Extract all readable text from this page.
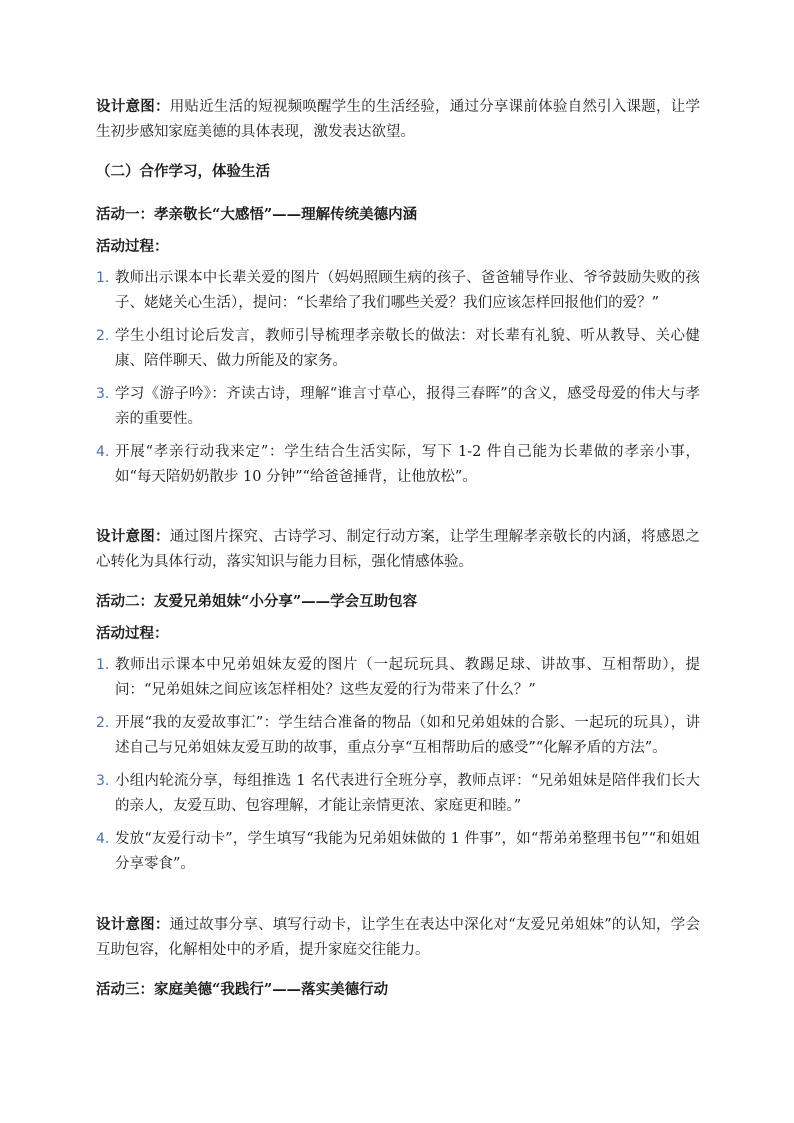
设计意图：用贴近生活的短视频唤醒学生的生活经验，通过分享课前体验自然引入课题，让学生初步感知家庭美德的具体表现，激发表达欲望。
（二）合作学习，体验生活
活动一：孝亲敬长“大感悟”——理解传统美德内涵
活动过程：
1. 教师出示课本中长辈关爱的图片（妈妈照顾生病的孩子、爸爸辅导作业、爷爷鼓励失败的孩子、姥姥关心生活），提问：“长辈给了我们哪些关爱？我们应该怎样回报他们的爱？”
2. 学生小组讨论后发言，教师引导梳理孝亲敬长的做法：对长辈有礼貌、听从教导、关心健康、陪伴聊天、做力所能及的家务。
3. 学习《游子吟》：齐读古诗，理解“谁言寸草心，报得三春晖”的含义，感受母爱的伟大与孝亲的重要性。
4. 开展“孝亲行动我来定”：学生结合生活实际，写下 1-2 件自己能为长辈做的孝亲小事，如“每天陪奶奶散步 10 分钟”“给爸爸捶背，让他放松”。
设计意图：通过图片探究、古诗学习、制定行动方案，让学生理解孝亲敬长的内涵，将感恩之心转化为具体行动，落实知识与能力目标，强化情感体验。
活动二：友爱兄弟姐妹“小分享”——学会互助包容
活动过程：
1. 教师出示课本中兄弟姐妹友爱的图片（一起玩玩具、教踢足球、讲故事、互相帮助），提问：“兄弟姐妹之间应该怎样相处？这些友爱的行为带来了什么？”
2. 开展“我的友爱故事汇”：学生结合准备的物品（如和兄弟姐妹的合影、一起玩的玩具），讲述自己与兄弟姐妹友爱互助的故事，重点分享“互相帮助后的感受”“化解矛盾的方法”。
3. 小组内轮流分享，每组推选 1 名代表进行全班分享，教师点评：“兄弟姐妹是陪伴我们长大的亲人，友爱互助、包容理解，才能让亲情更浓、家庭更和睦。”
4. 发放“友爱行动卡”，学生填写“我能为兄弟姐妹做的 1 件事”，如“帮弟弟整理书包”“和姐姐分享零食”。
设计意图：通过故事分享、填写行动卡，让学生在表达中深化对“友爱兄弟姐妹”的认知，学会互助包容，化解相处中的矛盾，提升家庭交往能力。
活动三：家庭美德“我践行”——落实美德行动
